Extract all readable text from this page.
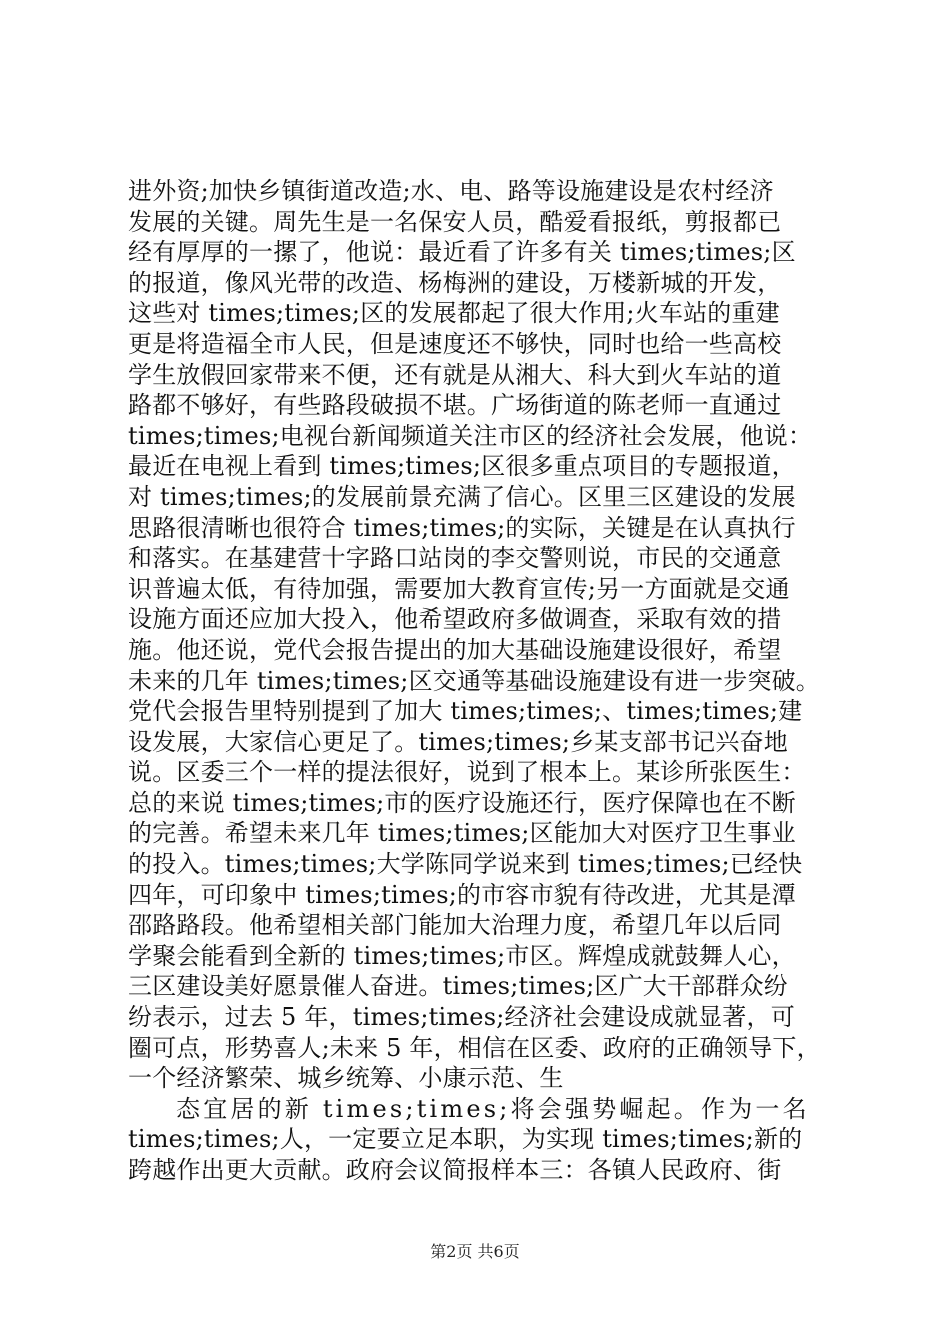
进外资;加快乡镇街道改造;水、电、路等设施建设是农村经济
发展的关键。周先生是一名保安人员，酷爱看报纸，剪报都已
经有厚厚的一摞了，他说：最近看了许多有关 times;times;区
的报道，像风光带的改造、杨梅洲的建设，万楼新城的开发，
这些对 times;times;区的发展都起了很大作用;火车站的重建
更是将造福全市人民，但是速度还不够快，同时也给一些高校
学生放假回家带来不便，还有就是从湘大、科大到火车站的道
路都不够好，有些路段破损不堪。广场街道的陈老师一直通过
times;times;电视台新闻频道关注市区的经济社会发展，他说：
最近在电视上看到 times;times;区很多重点项目的专题报道，
对 times;times;的发展前景充满了信心。区里三区建设的发展
思路很清晰也很符合 times;times;的实际，关键是在认真执行
和落实。在基建营十字路口站岗的李交警则说，市民的交通意
识普遍太低，有待加强，需要加大教育宣传;另一方面就是交通
设施方面还应加大投入，他希望政府多做调查，采取有效的措
施。他还说，党代会报告提出的加大基础设施建设很好，希望
未来的几年 times;times;区交通等基础设施建设有进一步突破。
党代会报告里特别提到了加大 times;times;、times;times;建
设发展，大家信心更足了。times;times;乡某支部书记兴奋地
说。区委三个一样的提法很好，说到了根本上。某诊所张医生：
总的来说 times;times;市的医疗设施还行，医疗保障也在不断
的完善。希望未来几年 times;times;区能加大对医疗卫生事业
的投入。times;times;大学陈同学说来到 times;times;已经快
四年，可印象中 times;times;的市容市貌有待改进，尤其是潭
邵路路段。他希望相关部门能加大治理力度，希望几年以后同
学聚会能看到全新的 times;times;市区。辉煌成就鼓舞人心，
三区建设美好愿景催人奋进。times;times;区广大干部群众纷
纷表示，过去 5 年，times;times;经济社会建设成就显著，可
圈可点，形势喜人;未来 5 年，相信在区委、政府的正确领导下，
一个经济繁荣、城乡统筹、小康示范、生
态宜居的新 times;times;将会强势崛起。作为一名
times;times;人，一定要立足本职，为实现 times;times;新的
跨越作出更大贡献。政府会议简报样本三：各镇人民政府、街
第2页 共6页
